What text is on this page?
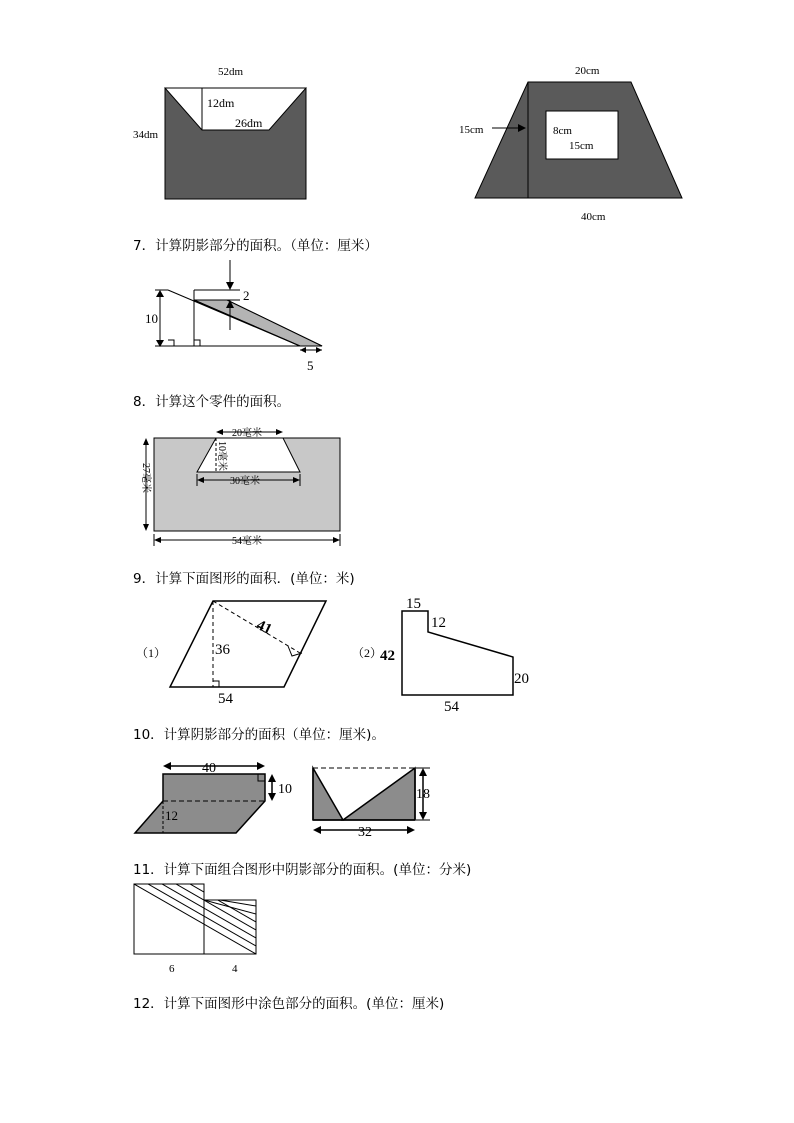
52dm
12dm
26dm
34dm
20cm
15cm	8cm
15cm
40cm
7．计算阴影部分的面积。（单位：厘米）
10
2
5
8．计算这个零件的面积。
20毫米
10毫米
30毫米
27毫米
54毫米
9．计算下面图形的面积．(单位：米)
（1）
41
36
54
（2）
15
12
42
20
54
10．计算阴影部分的面积（单位：厘米)。
40
10
12
18
32
11．计算下面组合图形中阴影部分的面积。(单位：分米)
6	4
12．计算下面图形中涂色部分的面积。(单位：厘米)
